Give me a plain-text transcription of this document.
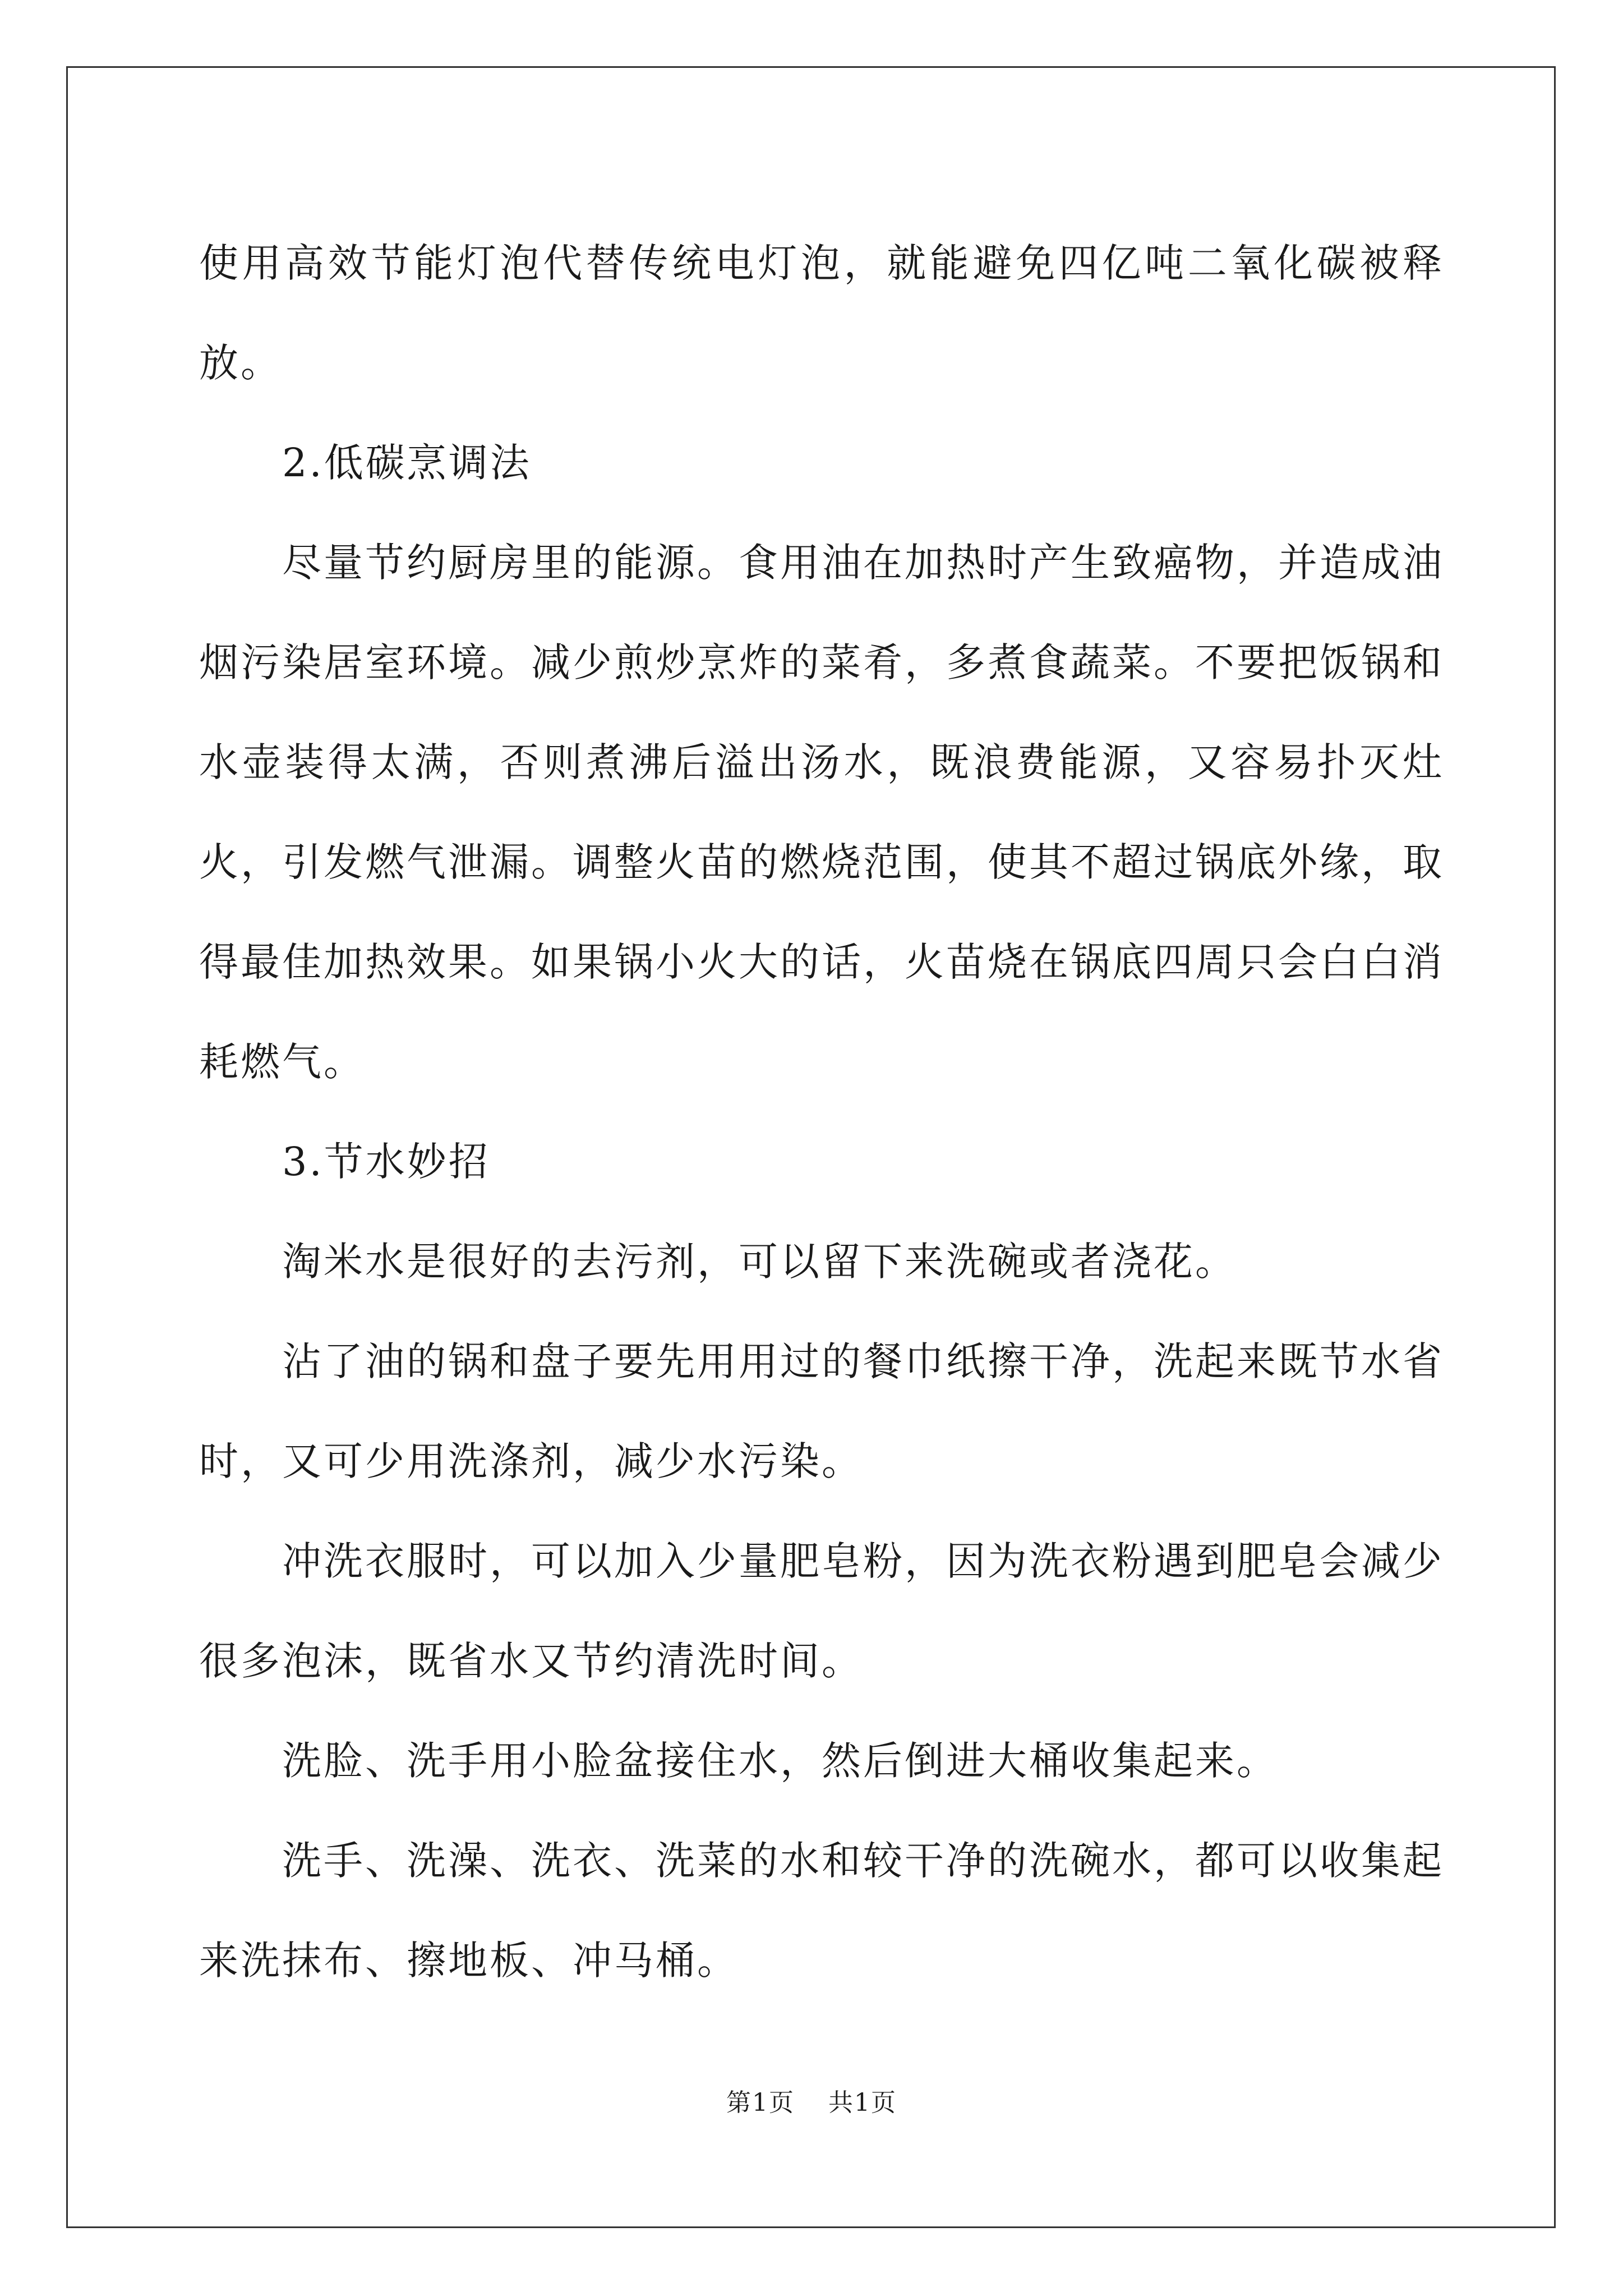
使用高效节能灯泡代替传统电灯泡，就能避免四亿吨二氧化碳被释放。

2.低碳烹调法

尽量节约厨房里的能源。食用油在加热时产生致癌物，并造成油烟污染居室环境。减少煎炒烹炸的菜肴，多煮食蔬菜。不要把饭锅和水壶装得太满，否则煮沸后溢出汤水，既浪费能源，又容易扑灭灶火，引发燃气泄漏。调整火苗的燃烧范围，使其不超过锅底外缘，取得最佳加热效果。如果锅小火大的话，火苗烧在锅底四周只会白白消耗燃气。

3.节水妙招

淘米水是很好的去污剂，可以留下来洗碗或者浇花。

沾了油的锅和盘子要先用用过的餐巾纸擦干净，洗起来既节水省时，又可少用洗涤剂，减少水污染。

冲洗衣服时，可以加入少量肥皂粉，因为洗衣粉遇到肥皂会减少很多泡沫，既省水又节约清洗时间。

洗脸、洗手用小脸盆接住水，然后倒进大桶收集起来。

洗手、洗澡、洗衣、洗菜的水和较干净的洗碗水，都可以收集起来洗抹布、擦地板、冲马桶。

第1页 共1页
